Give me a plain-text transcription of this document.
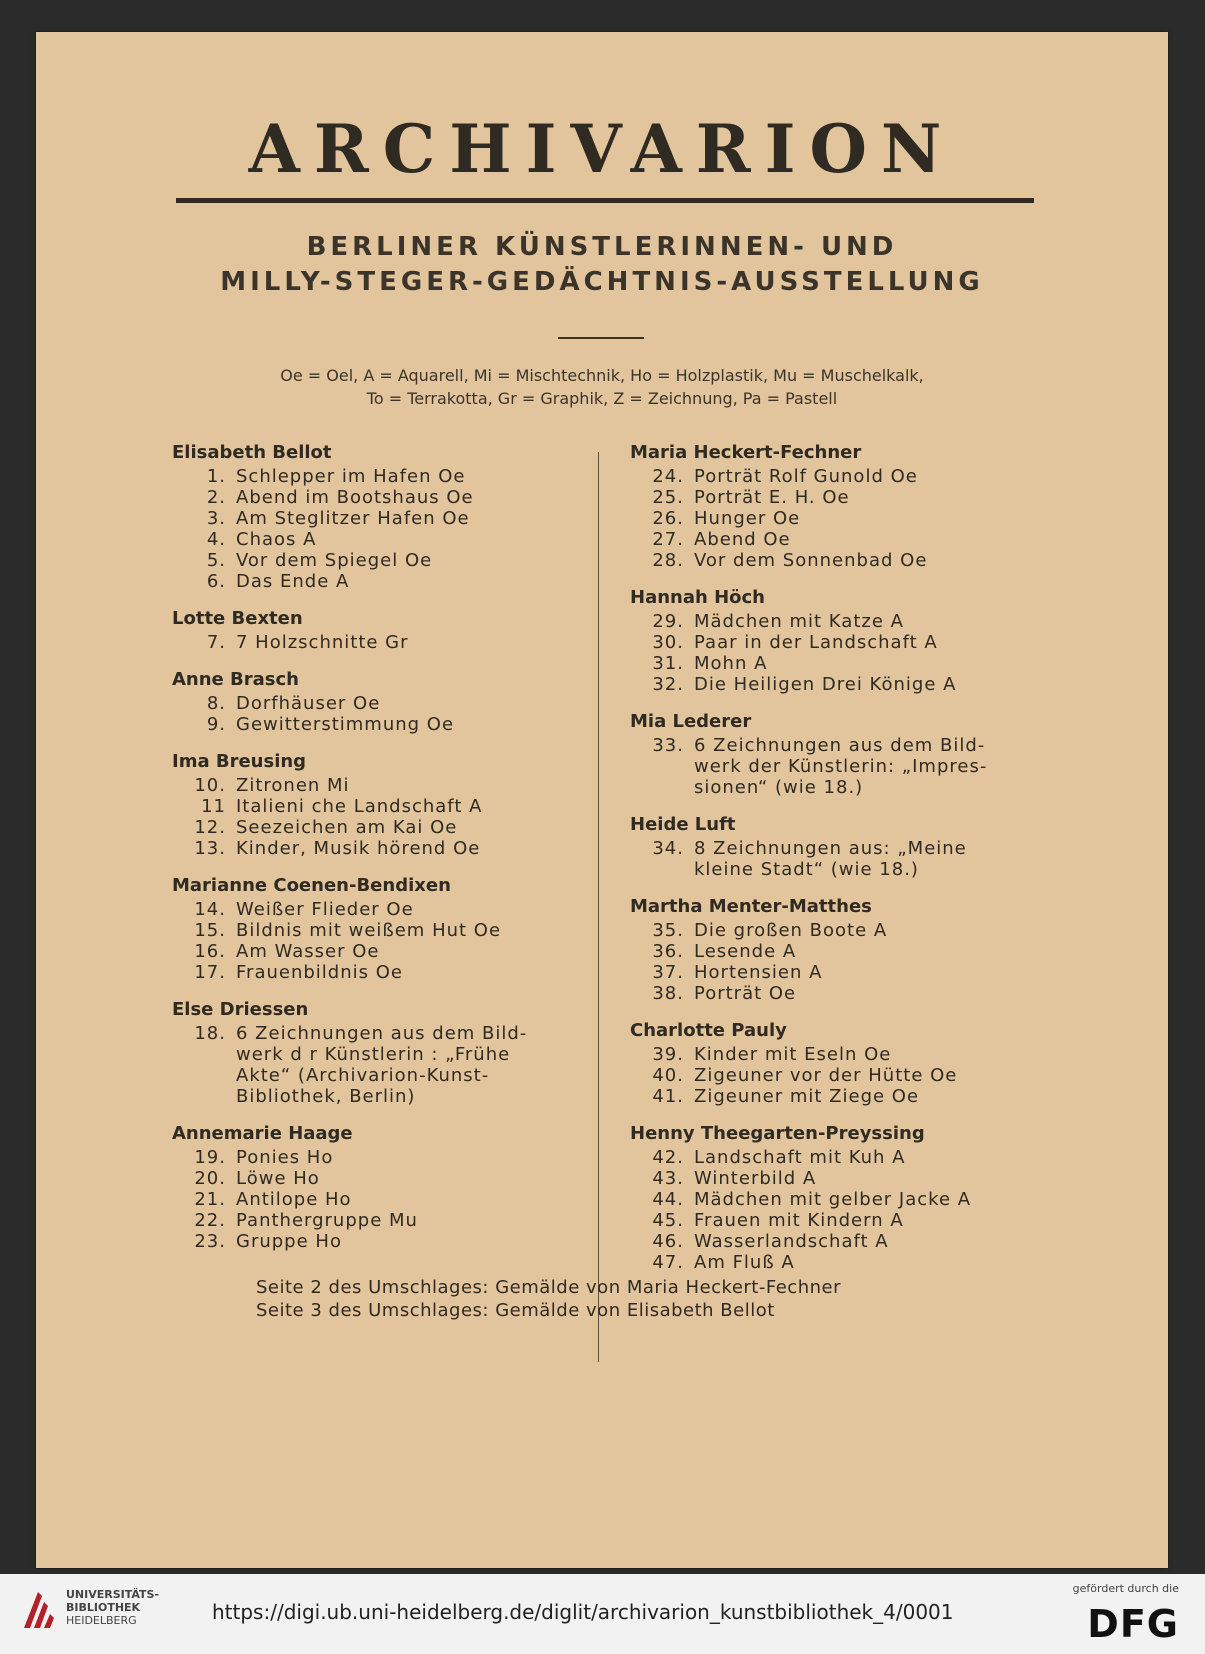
ARCHIVARION
BERLINER KÜNSTLERINNEN- UND
MILLY-STEGER-GEDÄCHTNIS-AUSSTELLUNG
Oe = Oel, A = Aquarell, Mi = Mischtechnik, Ho = Holzplastik, Mu = Muschelkalk,
To = Terrakotta, Gr = Graphik, Z = Zeichnung, Pa = Pastell
Elisabeth Bellot
1. Schlepper im Hafen Oe
2. Abend im Bootshaus Oe
3. Am Steglitzer Hafen Oe
4. Chaos A
5. Vor dem Spiegel Oe
6. Das Ende A
Lotte Bexten
7. 7 Holzschnitte Gr
Anne Brasch
8. Dorfhäuser Oe
9. Gewitterstimmung Oe
Ima Breusing
10. Zitronen Mi
11 Italieni che Landschaft A
12. Seezeichen am Kai Oe
13. Kinder, Musik hörend Oe
Marianne Coenen-Bendixen
14. Weißer Flieder Oe
15. Bildnis mit weißem Hut Oe
16. Am Wasser Oe
17. Frauenbildnis Oe
Else Driessen
18. 6 Zeichnungen aus dem Bild-
werk d r Künstlerin : „Frühe
Akte“ (Archivarion-Kunst-
Bibliothek, Berlin)
Annemarie Haage
19. Ponies Ho
20. Löwe Ho
21. Antilope Ho
22. Panthergruppe Mu
23. Gruppe Ho
Maria Heckert-Fechner
24. Porträt Rolf Gunold Oe
25. Porträt E. H. Oe
26. Hunger Oe
27. Abend Oe
28. Vor dem Sonnenbad Oe
Hannah Höch
29. Mädchen mit Katze A
30. Paar in der Landschaft A
31. Mohn A
32. Die Heiligen Drei Könige A
Mia Lederer
33. 6 Zeichnungen aus dem Bild-
werk der Künstlerin: „Impres-
sionen“ (wie 18.)
Heide Luft
34. 8 Zeichnungen aus: „Meine
kleine Stadt“ (wie 18.)
Martha Menter-Matthes
35. Die großen Boote A
36. Lesende A
37. Hortensien A
38. Porträt Oe
Charlotte Pauly
39. Kinder mit Eseln Oe
40. Zigeuner vor der Hütte Oe
41. Zigeuner mit Ziege Oe
Henny Theegarten-Preyssing
42. Landschaft mit Kuh A
43. Winterbild A
44. Mädchen mit gelber Jacke A
45. Frauen mit Kindern A
46. Wasserlandschaft A
47. Am Fluß A
Seite 2 des Umschlages: Gemälde von Maria Heckert-Fechner
Seite 3 des Umschlages: Gemälde von Elisabeth Bellot
UNIVERSITÄTS-
BIBLIOTHEK
HEIDELBERG	https://digi.ub.uni-heidelberg.de/diglit/archivarion_kunstbibliothek_4/0001
gefördert durch die
DFG
